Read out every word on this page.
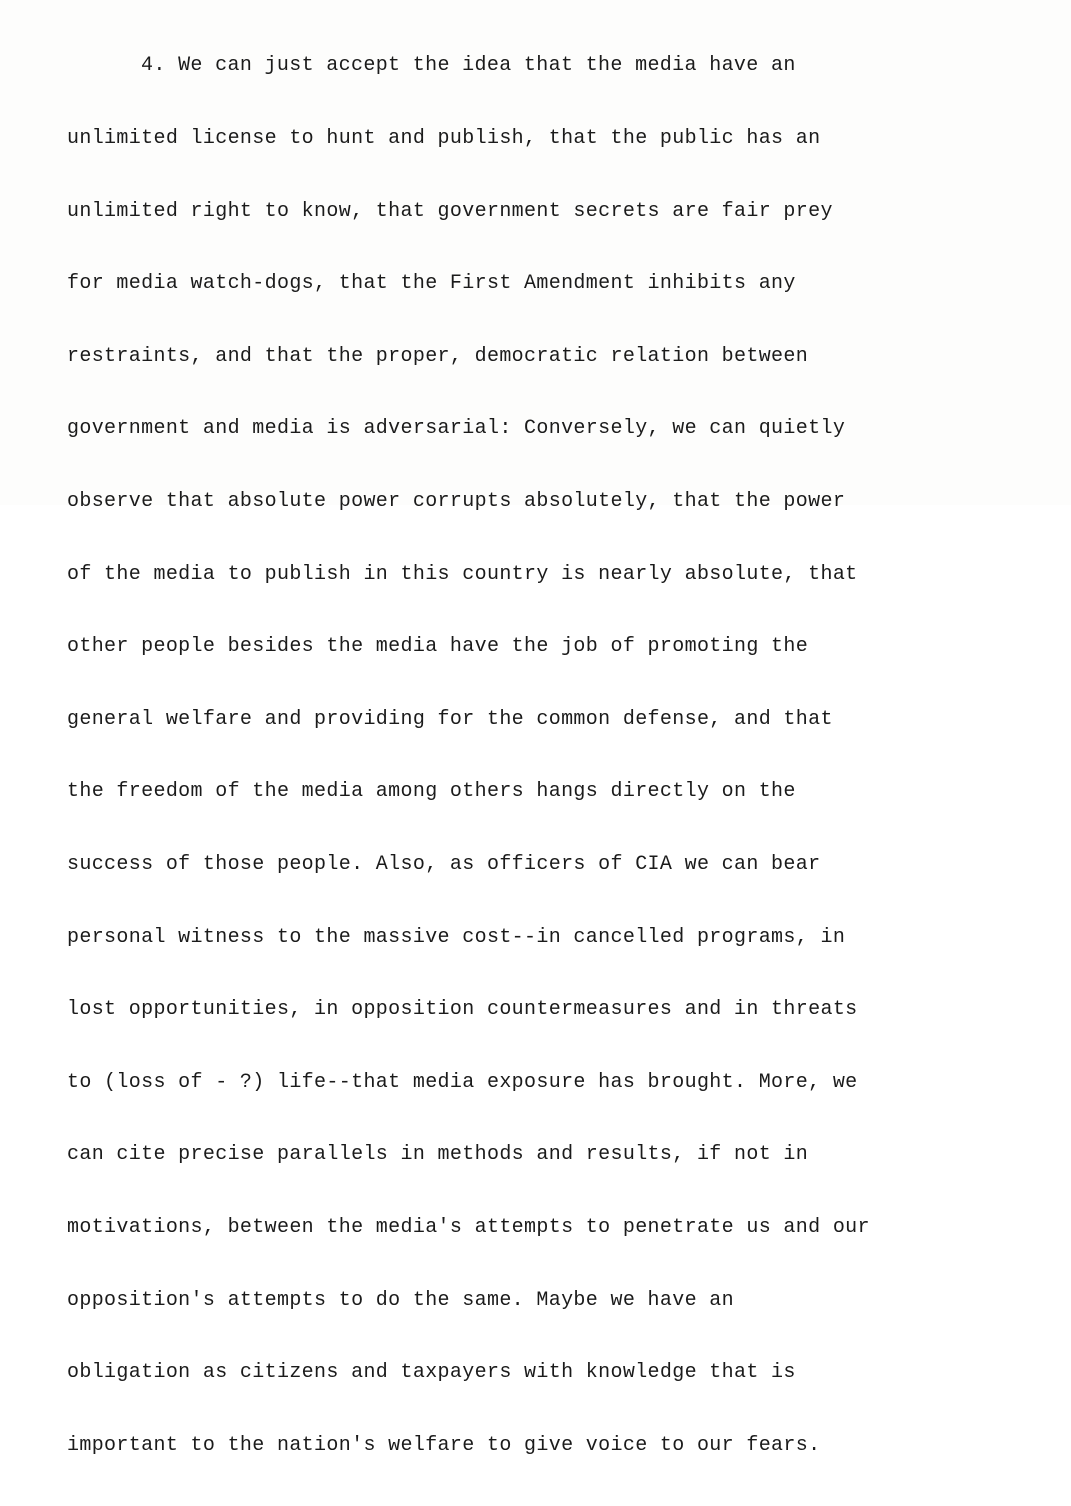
4. We can just accept the idea that the media have an

unlimited license to hunt and publish, that the public has an

unlimited right to know, that government secrets are fair prey

for media watch-dogs, that the First Amendment inhibits any

restraints, and that the proper, democratic relation between

government and media is adversarial: Conversely, we can quietly

observe that absolute power corrupts absolutely, that the power

of the media to publish in this country is nearly absolute, that

other people besides the media have the job of promoting the

general welfare and providing for the common defense, and that

the freedom of the media among others hangs directly on the

success of those people. Also, as officers of CIA we can bear

personal witness to the massive cost--in cancelled programs, in

lost opportunities, in opposition countermeasures and in threats

to (loss of - ?) life--that media exposure has brought. More, we

can cite precise parallels in methods and results, if not in

motivations, between the media's attempts to penetrate us and our

opposition's attempts to do the same. Maybe we have an

obligation as citizens and taxpayers with knowledge that is

important to the nation's welfare to give voice to our fears.
